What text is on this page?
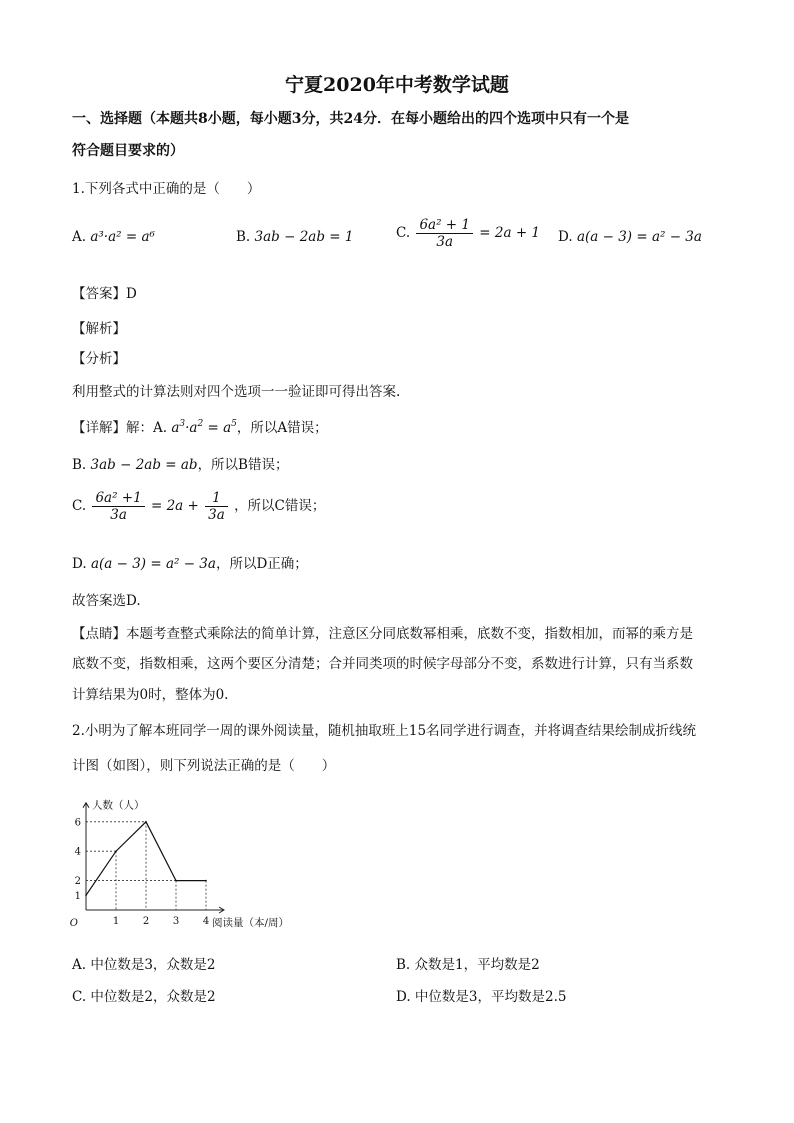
宁夏2020年中考数学试题
一、选择题（本题共8小题，每小题3分，共24分．在每小题给出的四个选项中只有一个是
符合题目要求的）
1.下列各式中正确的是（　　）
A. a³·a² = a⁶	B. 3ab − 2ab = 1	C. $\frac{\text{6a² + 1}}{3a} = 2a + 1$ D. a(a − 3) = a² − 3a
【答案】D
【解析】
【分析】
利用整式的计算法则对四个选项一一验证即可得出答案.
【详解】解：A. $a^3\cdot a^2 = a^5$，所以A错误；
B. 3ab − 2ab = ab，所以B错误；
C. $\frac{\text{6a² +1}}{3a} = 2a + \frac{1}{3a}$ ，所以C错误；
D. a(a − 3) = a² − 3a，所以D正确；
故答案选D.
【点睛】本题考查整式乘除法的简单计算，注意区分同底数幂相乘，底数不变，指数相加，而幂的乘方是
底数不变，指数相乘，这两个要区分清楚；合并同类项的时候字母部分不变，系数进行计算，只有当系数
计算结果为0时，整体为0.
2.小明为了解本班同学一周的课外阅读量，随机抽取班上15名同学进行调查，并将调查结果绘制成折线统
计图（如图），则下列说法正确的是（　　）
1 2 3 4
1
2
4
6
O
人数（人）
阅读量（本/周）
A. 中位数是3，众数是2	B. 众数是1，平均数是2
C. 中位数是2，众数是2	D. 中位数是3，平均数是2.5
